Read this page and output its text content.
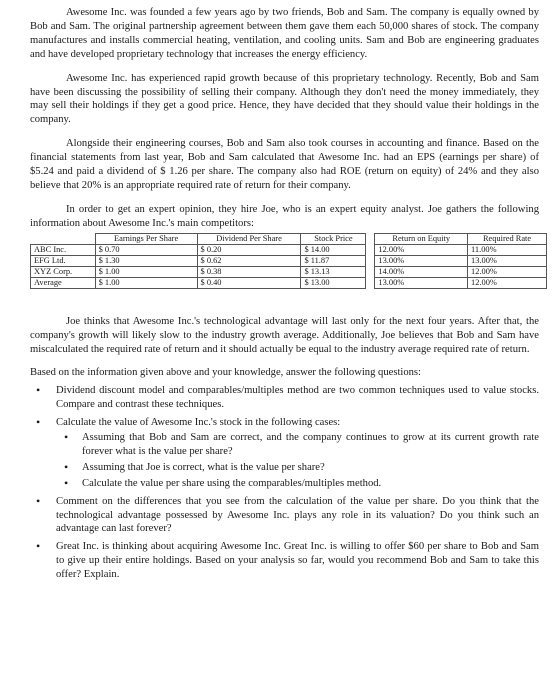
Awesome Inc. was founded a few years ago by two friends, Bob and Sam. The company is equally owned by Bob and Sam. The original partnership agreement between them gave them each 50,000 shares of stock. The company manufactures and installs commercial heating, ventilation, and cooling units. Sam and Bob are engineering graduates and have developed proprietary technology that increases the energy efficiency.

Awesome Inc. has experienced rapid growth because of this proprietary technology. Recently, Bob and Sam have been discussing the possibility of selling their company. Although they don't need the money immediately, they may sell their holdings if they get a good price. Hence, they have decided that they should value their holdings in the company.

Alongside their engineering courses, Bob and Sam also took courses in accounting and finance. Based on the financial statements from last year, Bob and Sam calculated that Awesome Inc. had an EPS (earnings per share) of $5.24 and paid a dividend of $ 1.26 per share. The company also had ROE (return on equity) of 24% and they also believe that 20% is an appropriate required rate of return for their company.

In order to get an expert opinion, they hire Joe, who is an expert equity analyst. Joe gathers the following information about Awesome Inc.'s main competitors:

	Earnings Per Share	Dividend Per Share	Stock Price		Return on Equity	Required Rate
ABC Inc.	$ 0.70	$ 0.20	$ 14.00		12.00%	11.00%
EFG Ltd.	$ 1.30	$ 0.62	$ 11.87		13.00%	13.00%
XYZ Corp.	$ 1.00	$ 0.38	$ 13.13		14.00%	12.00%
Average	$ 1.00	$ 0.40	$ 13.00		13.00%	12.00%

Joe thinks that Awesome Inc.'s technological advantage will last only for the next four years. After that, the company's growth will likely slow to the industry growth average. Additionally, Joe believes that Bob and Sam have miscalculated the required rate of return and it should actually be equal to the industry average required rate of return.

Based on the information given above and your knowledge, answer the following questions:

• Dividend discount model and comparables/multiples method are two common techniques used to value stocks. Compare and contrast these techniques.
• Calculate the value of Awesome Inc.'s stock in the following cases:
• Assuming that Bob and Sam are correct, and the company continues to grow at its current growth rate forever what is the value per share?
• Assuming that Joe is correct, what is the value per share?
• Calculate the value per share using the comparables/multiples method.
• Comment on the differences that you see from the calculation of the value per share. Do you think that the technological advantage possessed by Awesome Inc. plays any role in its valuation? Do you think such an advantage can last forever?
• Great Inc. is thinking about acquiring Awesome Inc. Great Inc. is willing to offer $60 per share to Bob and Sam to give up their entire holdings. Based on your analysis so far, would you recommend Bob and Sam to take this offer? Explain.
